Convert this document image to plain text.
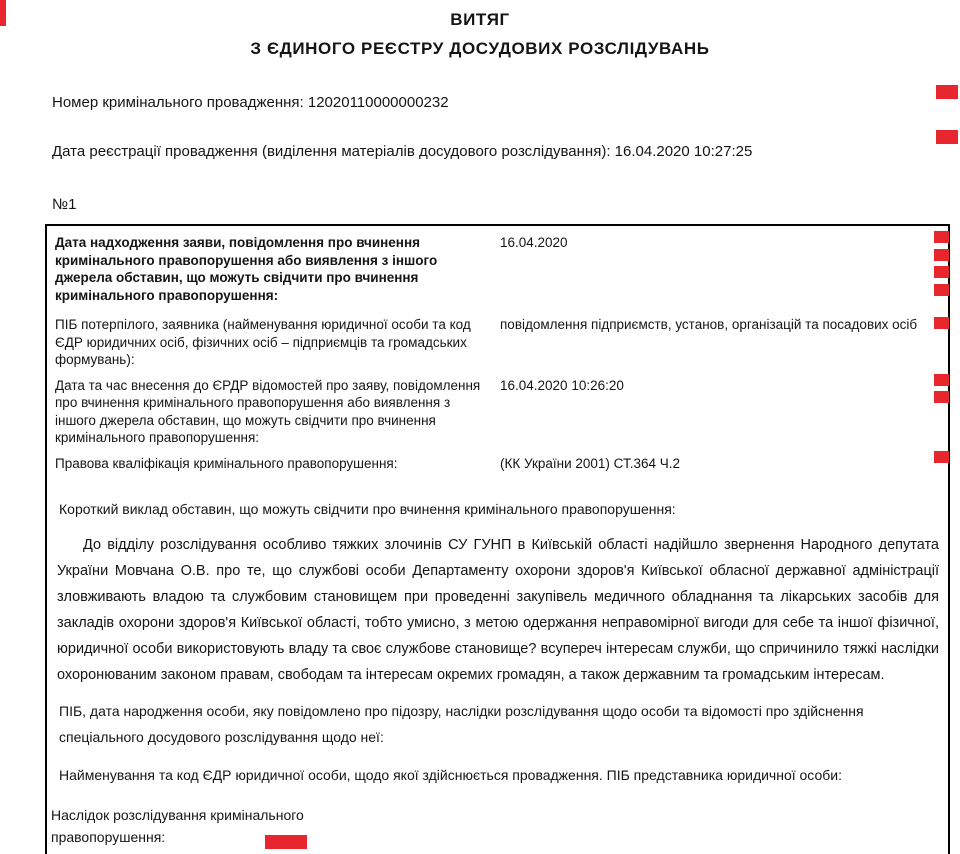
ВИТЯГ
З ЄДИНОГО РЕЄСТРУ ДОСУДОВИХ РОЗСЛІДУВАНЬ
Номер кримінального провадження: 12020110000000232
Дата реєстрації провадження (виділення матеріалів досудового розслідування): 16.04.2020 10:27:25
№1
Дата надходження заяви, повідомлення про вчинення кримінального правопорушення або виявлення з іншого джерела обставин, що можуть свідчити про вчинення кримінального правопорушення:
16.04.2020
ПІБ потерпілого, заявника (найменування юридичної особи та код ЄДР юридичних осіб, фізичних осіб – підприємців та громадських формувань):
повідомлення підприємств, установ, організацій та посадових осіб
Дата та час внесення до ЄРДР відомостей про заяву, повідомлення про вчинення кримінального правопорушення або виявлення з іншого джерела обставин, що можуть свідчити про вчинення кримінального правопорушення:
16.04.2020 10:26:20
Правова кваліфікація кримінального правопорушення:	(КК України 2001) СТ.364 Ч.2
Короткий виклад обставин, що можуть свідчити про вчинення кримінального правопорушення:
До відділу розслідування особливо тяжких злочинів СУ ГУНП в Київській області надійшло звернення Народного депутата України Мовчана О.В. про те, що службові особи Департаменту охорони здоров'я Київської обласної державної адміністрації зловживають владою та службовим становищем при проведенні закупівель медичного обладнання та лікарських засобів для закладів охорони здоров'я Київської області, тобто умисно, з метою одержання неправомірної вигоди для себе та іншої фізичної, юридичної особи використовують владу та своє службове становище? всупереч інтересам служби, що спричинило тяжкі наслідки охоронюваним законом правам, свободам та інтересам окремих громадян, а також державним та громадським інтересам.
ПІБ, дата народження особи, яку повідомлено про підозру, наслідки розслідування щодо особи та відомості про здійснення спеціального досудового розслідування щодо неї:
Найменування та код ЄДР юридичної особи, щодо якої здійснюється провадження. ПІБ представника юридичної особи:
Наслідок розслідування кримінального правопорушення:
